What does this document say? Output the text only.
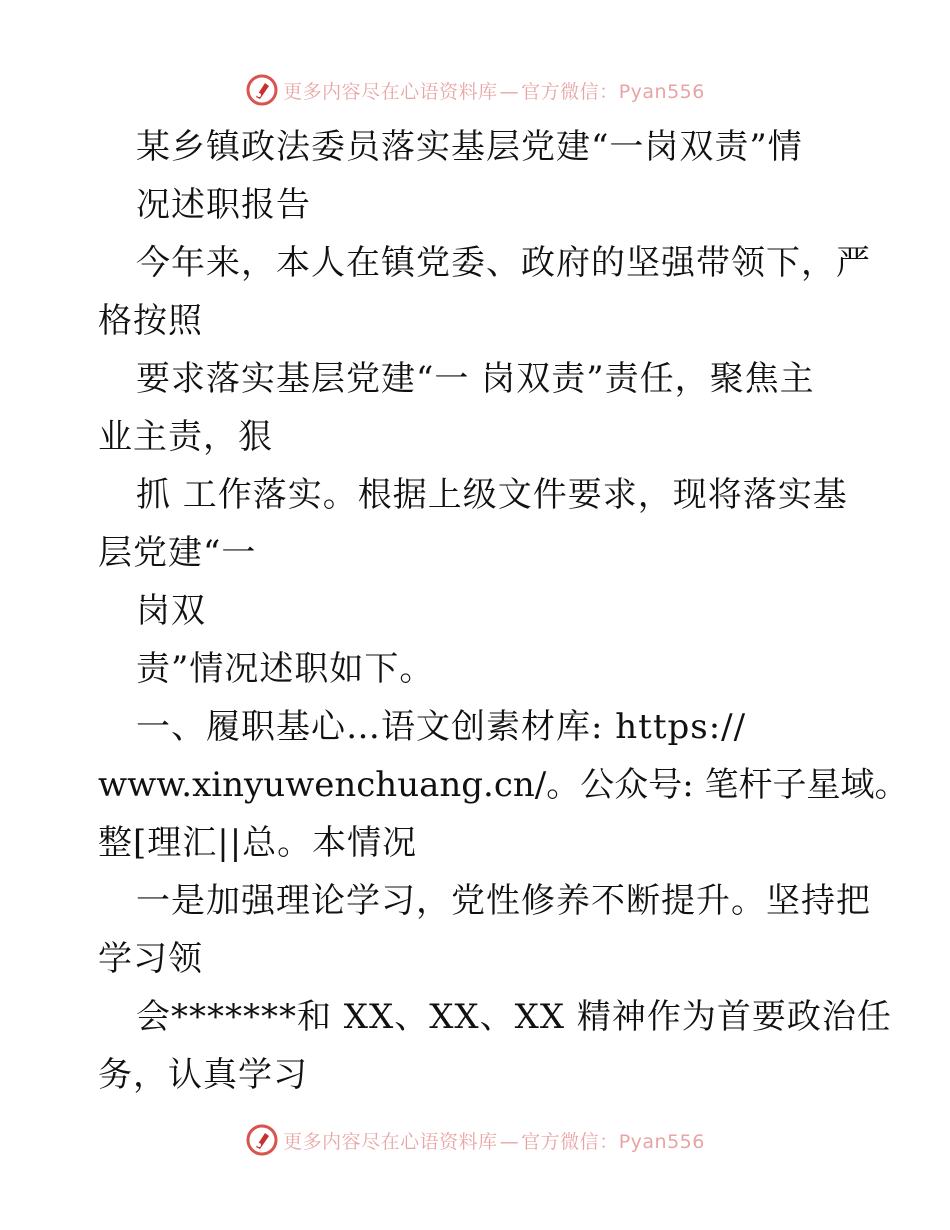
更多内容尽在心语资料库 — 官方微信：Pyan556
某乡镇政法委员落实基层党建“一岗双责”情
况述职报告
今年来，本人在镇党委、政府的坚强带领下，严
格按照
要求落实基层党建“一 岗双责”责任，聚焦主
业主责，狠
抓 工作落实。根据上级文件要求，现将落实基
层党建“一
岗双
责”情况述职如下。
一、履职基心…语文创素材库: https://
www.xinyuwenchuang.cn/。公众号: 笔杆子星域。
整[理汇||总。本情况
一是加强理论学习，党性修养不断提升。坚持把
学习领
会*******和 XX、XX、XX 精神作为首要政治任
务，认真学习
更多内容尽在心语资料库 — 官方微信：Pyan556
